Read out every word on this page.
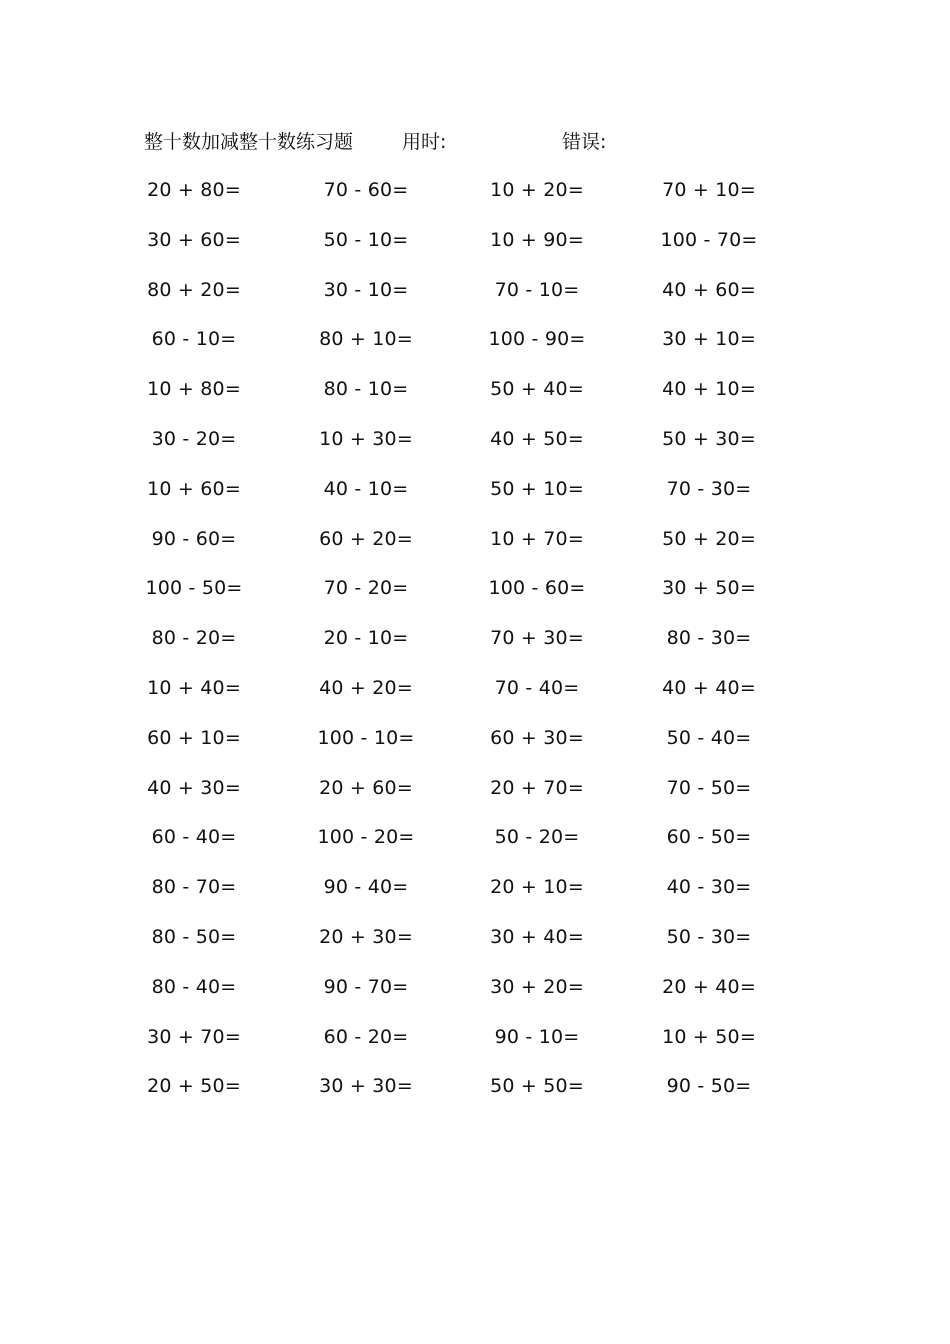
整十数加减整十数练习题	用时:	错误:
20 + 80=	70 - 60=	10 + 20=	70 + 10=
30 + 60=	50 - 10=	10 + 90=	100 - 70=
80 + 20=	30 - 10=	70 - 10=	40 + 60=
60 - 10=	80 + 10=	100 - 90=	30 + 10=
10 + 80=	80 - 10=	50 + 40=	40 + 10=
30 - 20=	10 + 30=	40 + 50=	50 + 30=
10 + 60=	40 - 10=	50 + 10=	70 - 30=
90 - 60=	60 + 20=	10 + 70=	50 + 20=
100 - 50=	70 - 20=	100 - 60=	30 + 50=
80 - 20=	20 - 10=	70 + 30=	80 - 30=
10 + 40=	40 + 20=	70 - 40=	40 + 40=
60 + 10=	100 - 10=	60 + 30=	50 - 40=
40 + 30=	20 + 60=	20 + 70=	70 - 50=
60 - 40=	100 - 20=	50 - 20=	60 - 50=
80 - 70=	90 - 40=	20 + 10=	40 - 30=
80 - 50=	20 + 30=	30 + 40=	50 - 30=
80 - 40=	90 - 70=	30 + 20=	20 + 40=
30 + 70=	60 - 20=	90 - 10=	10 + 50=
20 + 50=	30 + 30=	50 + 50=	90 - 50=
